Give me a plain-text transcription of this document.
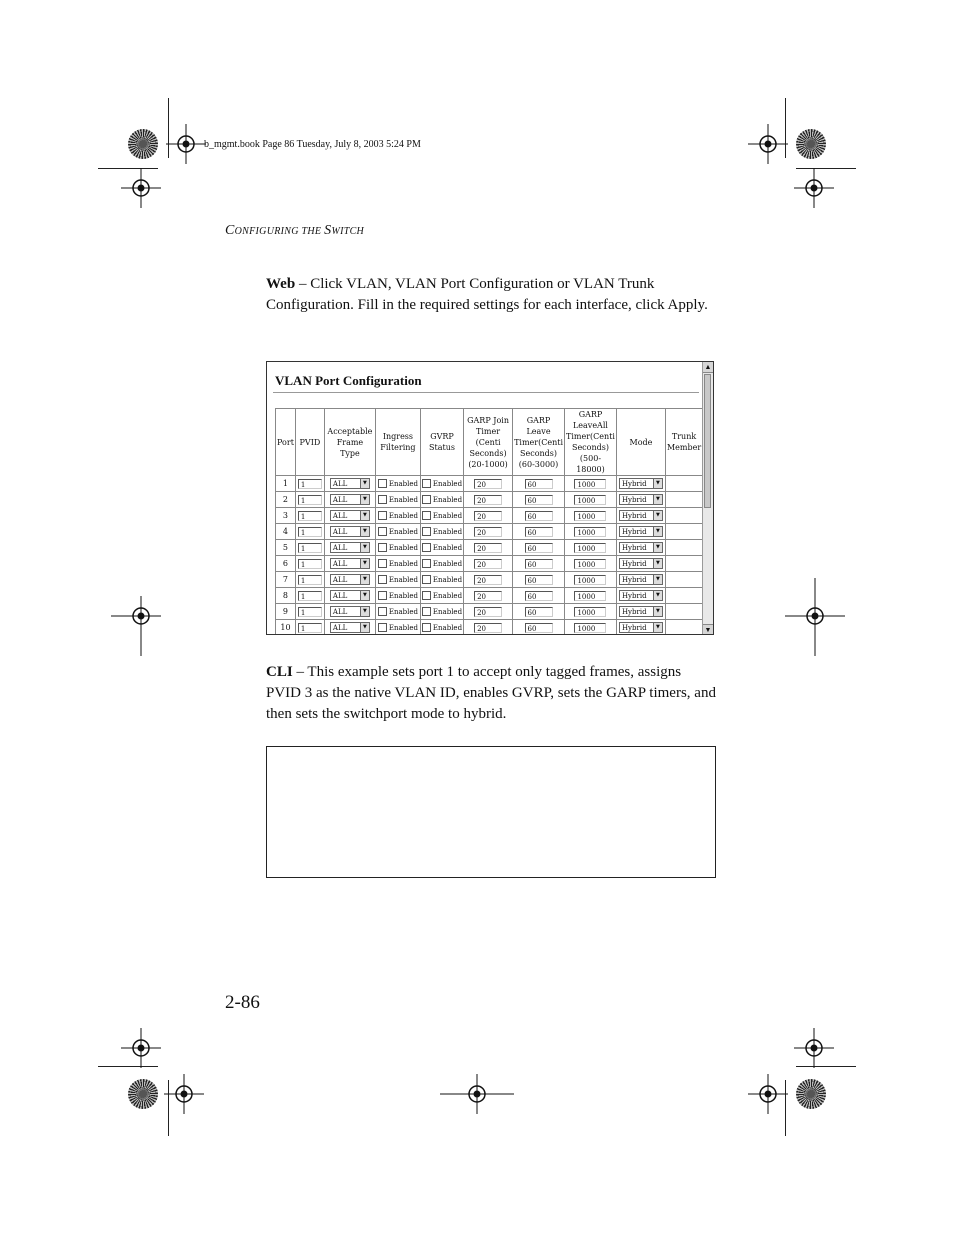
b_mgmt.book Page 86 Tuesday, July 8, 2003 5:24 PM
CONFIGURING THE SWITCH
Web – Click VLAN, VLAN Port Configuration or VLAN Trunk Configuration. Fill in the required settings for each interface, click Apply.
VLAN Port Configuration
Port	PVID	Acceptable Frame Type	Ingress Filtering	GVRP Status	GARP Join Timer (Centi Seconds) (20-1000)	GARP Leave Timer(Centi Seconds) (60-3000)	GARP LeaveAll Timer(Centi Seconds) (500-18000)	Mode	Trunk Member
1	1	ALL ▼	Enabled	Enabled	20	60	1000	Hybrid ▼	

2	1	ALL ▼	Enabled	Enabled	20	60	1000	Hybrid ▼	

3	1	ALL ▼	Enabled	Enabled	20	60	1000	Hybrid ▼	

4	1	ALL ▼	Enabled	Enabled	20	60	1000	Hybrid ▼	

5	1	ALL ▼	Enabled	Enabled	20	60	1000	Hybrid ▼	

6	1	ALL ▼	Enabled	Enabled	20	60	1000	Hybrid ▼	

7	1	ALL ▼	Enabled	Enabled	20	60	1000	Hybrid ▼	

8	1	ALL ▼	Enabled	Enabled	20	60	1000	Hybrid ▼	

9	1	ALL ▼	Enabled	Enabled	20	60	1000	Hybrid ▼	

10	1	ALL ▼	Enabled	Enabled	20	60	1000	Hybrid ▼	

▲
▼
CLI – This example sets port 1 to accept only tagged frames, assigns PVID 3 as the native VLAN ID, enables GVRP, sets the GARP timers, and then sets the switchport mode to hybrid.
2-86
